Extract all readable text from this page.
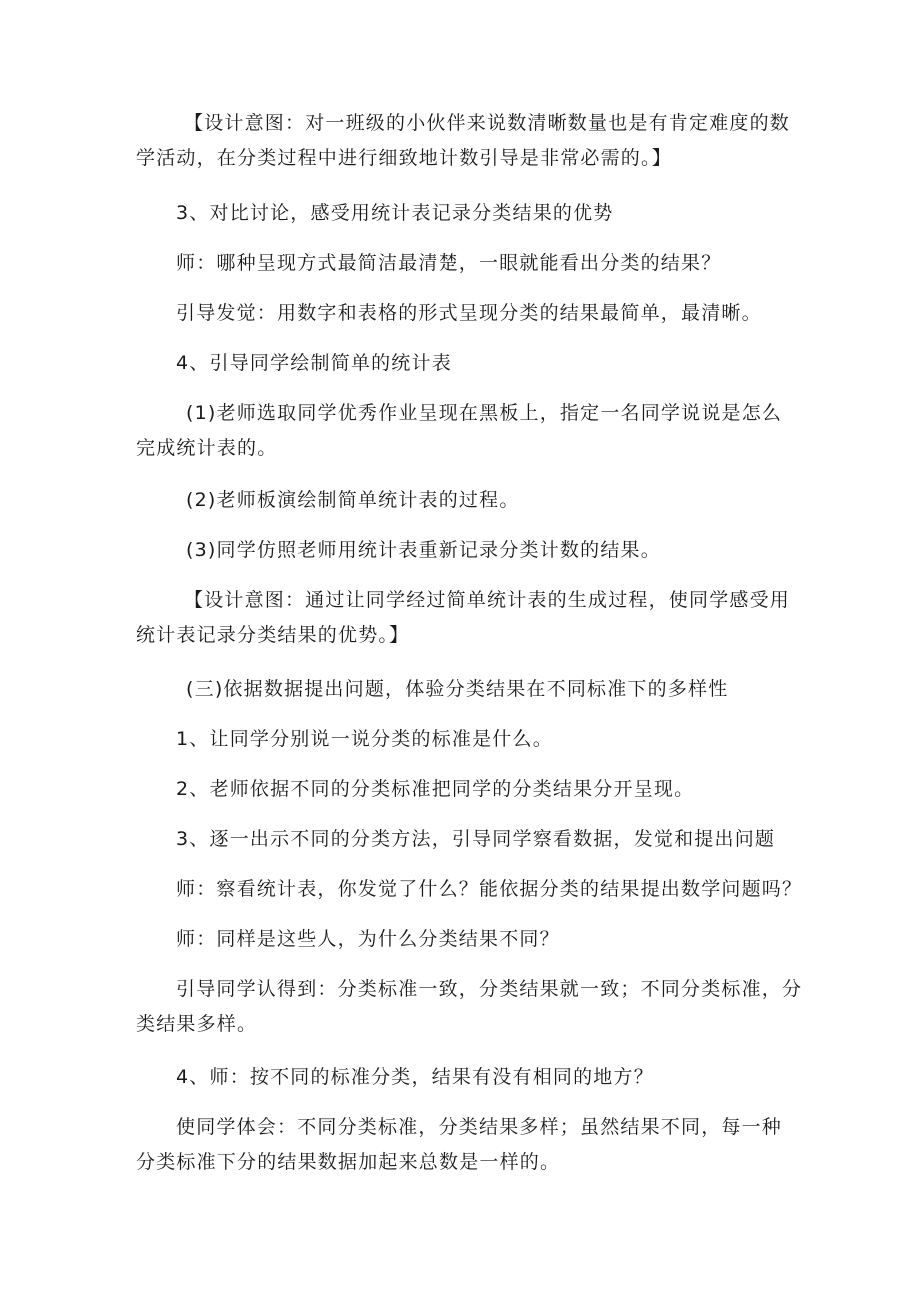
【设计意图：对一班级的小伙伴来说数清晰数量也是有肯定难度的数
学活动，在分类过程中进行细致地计数引导是非常必需的。】

3、对比讨论，感受用统计表记录分类结果的优势

师：哪种呈现方式最简洁最清楚，一眼就能看出分类的结果？

引导发觉：用数字和表格的形式呈现分类的结果最简单，最清晰。

4、引导同学绘制简单的统计表

(1)老师选取同学优秀作业呈现在黑板上，指定一名同学说说是怎么
完成统计表的。

(2)老师板演绘制简单统计表的过程。

(3)同学仿照老师用统计表重新记录分类计数的结果。

【设计意图：通过让同学经过简单统计表的生成过程，使同学感受用
统计表记录分类结果的优势。】

(三)依据数据提出问题，体验分类结果在不同标准下的多样性

1、让同学分别说一说分类的标准是什么。

2、老师依据不同的分类标准把同学的分类结果分开呈现。

3、逐一出示不同的分类方法，引导同学察看数据，发觉和提出问题

师：察看统计表，你发觉了什么？能依据分类的结果提出数学问题吗？

师：同样是这些人，为什么分类结果不同？

引导同学认得到：分类标准一致，分类结果就一致；不同分类标准，分
类结果多样。

4、师：按不同的标准分类，结果有没有相同的地方？

使同学体会：不同分类标准，分类结果多样；虽然结果不同，每一种
分类标准下分的结果数据加起来总数是一样的。
